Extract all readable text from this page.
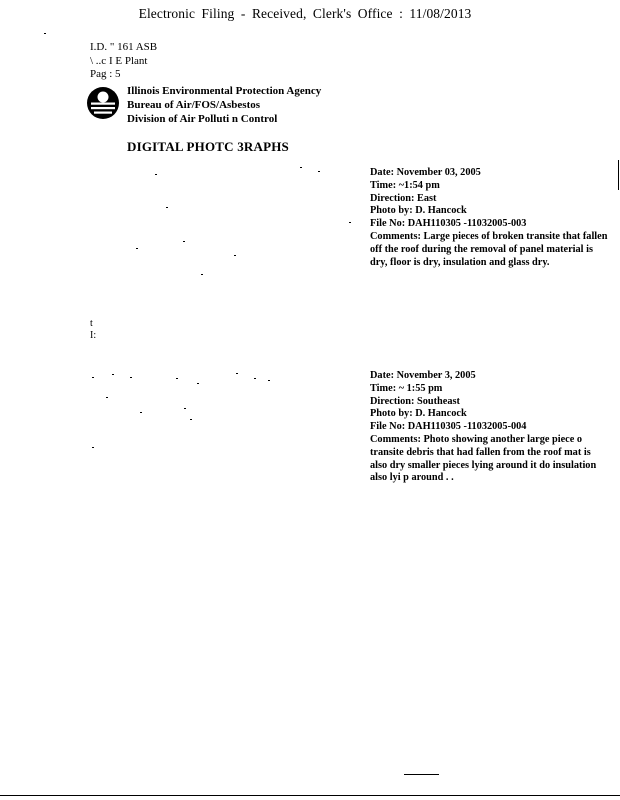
Electronic Filing - Received, Clerk's Office : 11/08/2013
I.D. " 161 ASB
\ ..c I E Plant
Pag : 5
Illinois Environmental Protection Agency
Bureau of Air/FOS/Asbestos
Division of Air Polluti n Control
DIGITAL PHOTC 3RAPHS
Date: November 03, 2005
Time: ~1:54 pm
Direction: East
Photo by: D. Hancock
File No: DAH110305 -11032005-003
Comments: Large pieces of broken transite that fallen off the roof during the removal of panel material is dry, floor is dry, insulation and glass dry.
Date: November 3, 2005
Time: ~ 1:55 pm
Direction: Southeast
Photo by: D. Hancock
File No: DAH110305 -11032005-004
Comments: Photo showing another large piece o transite debris that had fallen from the roof mat is also dry smaller pieces lying around it do insulation also lyi p around . .
t
I:
